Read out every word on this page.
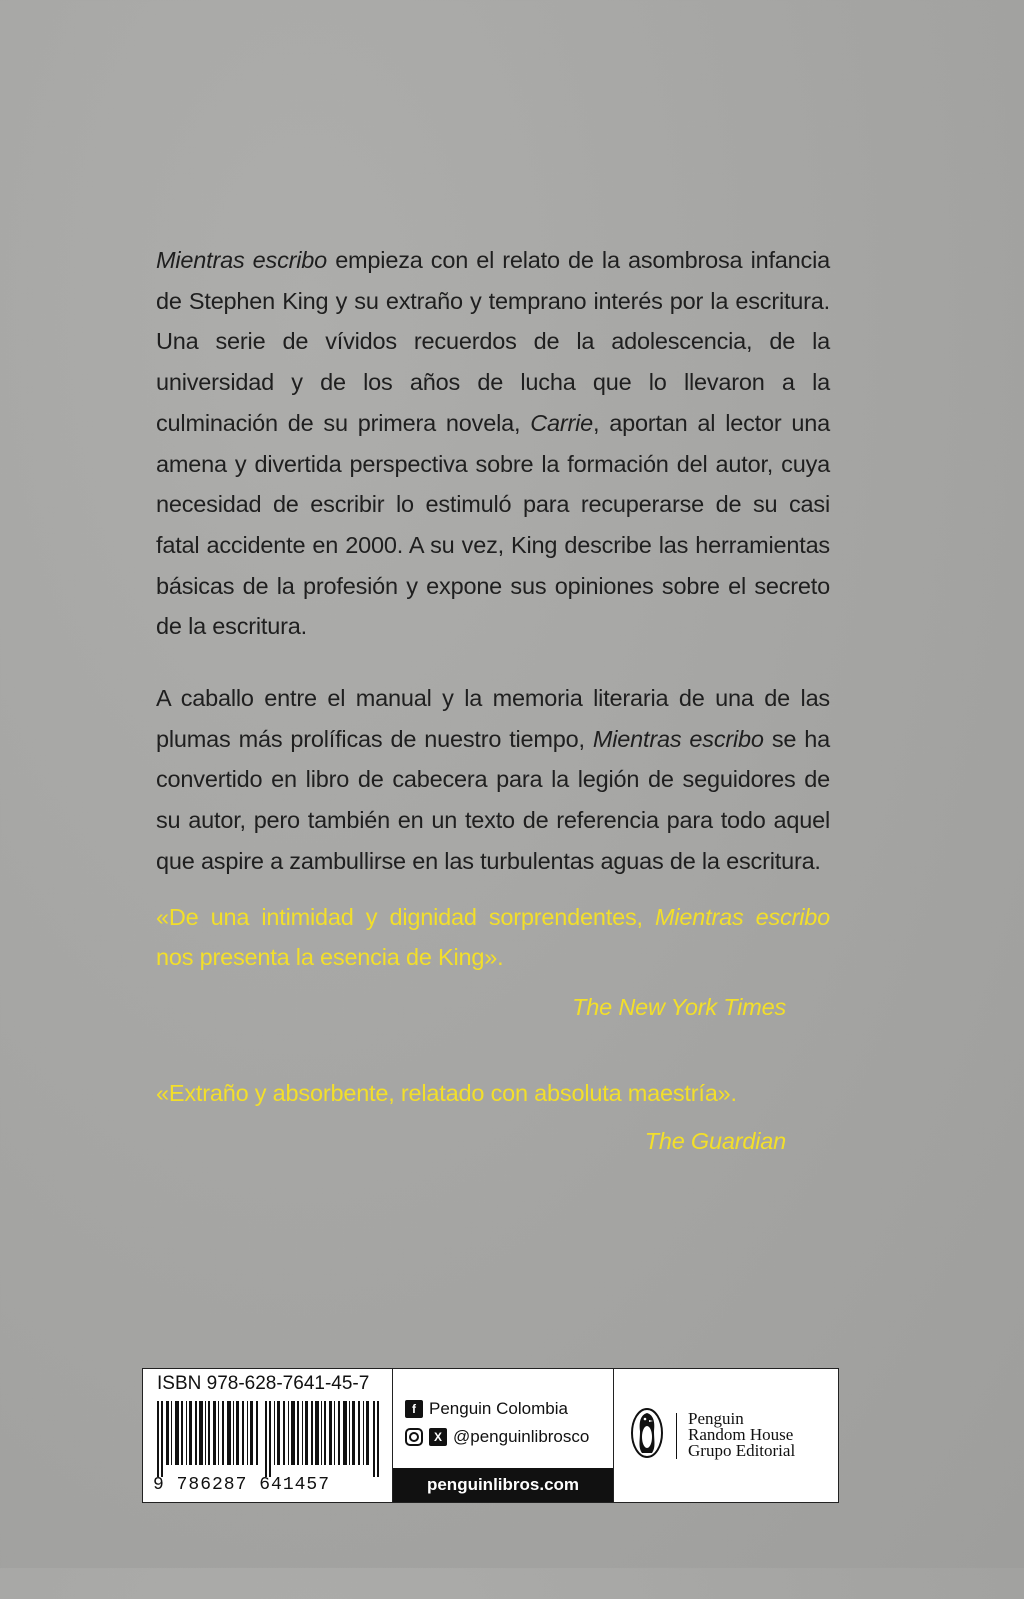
Mientras escribo empieza con el relato de la asombrosa infancia de Stephen King y su extraño y temprano interés por la escritura. Una serie de vívidos recuerdos de la adolescencia, de la universidad y de los años de lucha que lo llevaron a la culminación de su primera novela, Carrie, aportan al lector una amena y divertida perspectiva sobre la formación del autor, cuya necesidad de escribir lo estimuló para recuperarse de su casi fatal accidente en 2000. A su vez, King describe las herramientas básicas de la profesión y expone sus opiniones sobre el secreto de la escritura.

A caballo entre el manual y la memoria literaria de una de las plumas más prolíficas de nuestro tiempo, Mientras escribo se ha convertido en libro de cabecera para la legión de seguidores de su autor, pero también en un texto de referencia para todo aquel que aspire a zambullirse en las turbulentas aguas de la escritura.

«De una intimidad y dignidad sorprendentes, Mientras escribo nos presenta la esencia de King».
The New York Times
«Extraño y absorbente, relatado con absoluta maestría».
The Guardian
ISBN 978-628-7641-45-7
9 786287 641457
f Penguin Colombia
X @penguinlibrosco
penguinlibros.com
Penguin
Random House
Grupo Editorial
